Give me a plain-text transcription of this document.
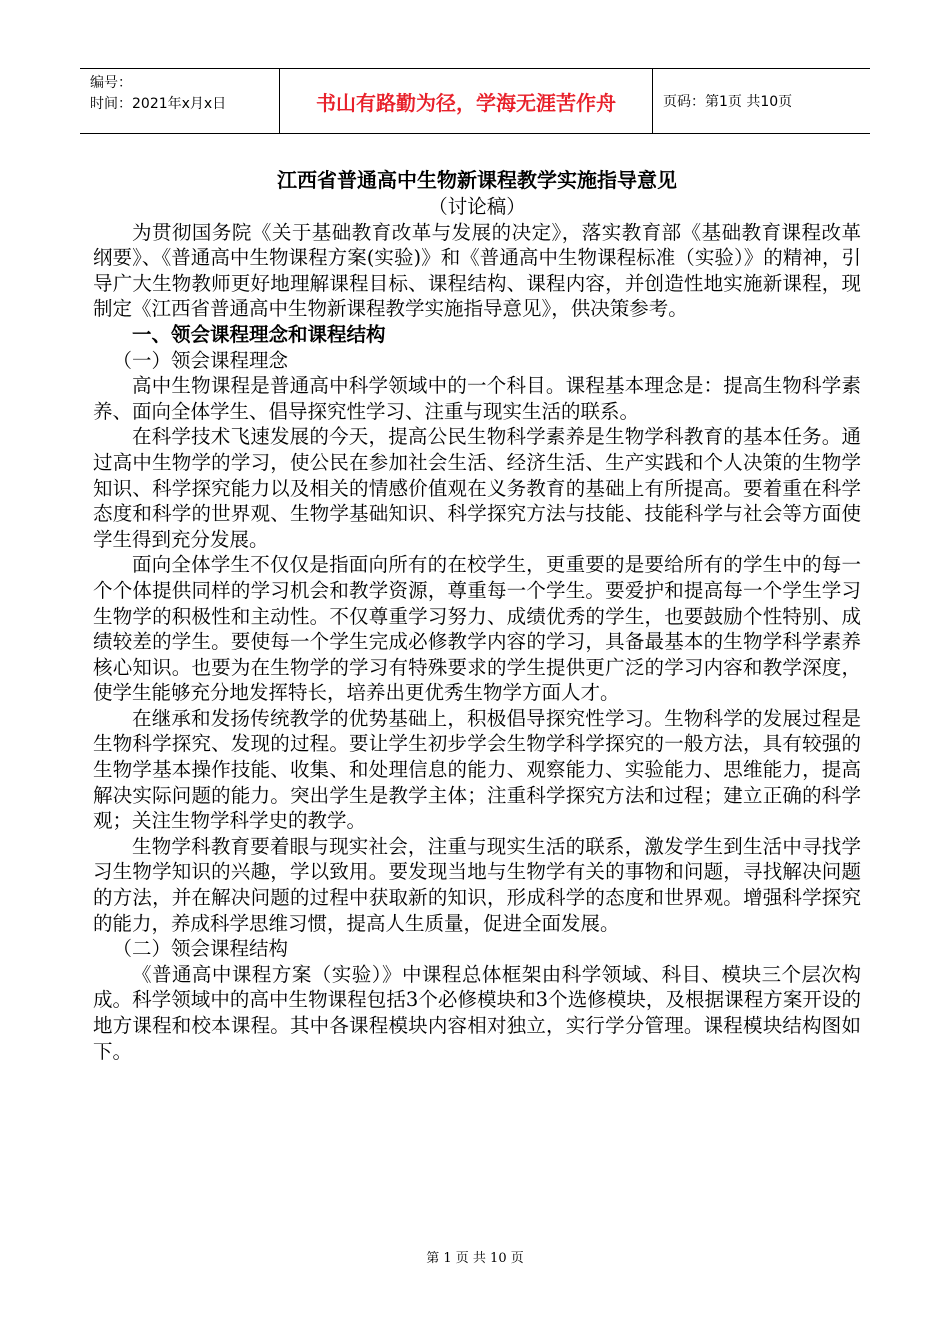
编号：
时间：2021年x月x日	书山有路勤为径，学海无涯苦作舟	页码：第1页 共10页

江西省普通高中生物新课程教学实施指导意见

（讨论稿）

为贯彻国务院《关于基础教育改革与发展的决定》，落实教育部《基础教育课程改革纲要》、《普通高中生物课程方案(实验)》和《普通高中生物课程标准（实验）》的精神，引导广大生物教师更好地理解课程目标、课程结构、课程内容，并创造性地实施新课程，现制定《江西省普通高中生物新课程教学实施指导意见》，供决策参考。

一、领会课程理念和课程结构

（一）领会课程理念

高中生物课程是普通高中科学领域中的一个科目。课程基本理念是：提高生物科学素养、面向全体学生、倡导探究性学习、注重与现实生活的联系。

在科学技术飞速发展的今天，提高公民生物科学素养是生物学科教育的基本任务。通过高中生物学的学习，使公民在参加社会生活、经济生活、生产实践和个人决策的生物学知识、科学探究能力以及相关的情感价值观在义务教育的基础上有所提高。要着重在科学态度和科学的世界观、生物学基础知识、科学探究方法与技能、技能科学与社会等方面使学生得到充分发展。

面向全体学生不仅仅是指面向所有的在校学生，更重要的是要给所有的学生中的每一个个体提供同样的学习机会和教学资源，尊重每一个学生。要爱护和提高每一个学生学习生物学的积极性和主动性。不仅尊重学习努力、成绩优秀的学生，也要鼓励个性特别、成绩较差的学生。要使每一个学生完成必修教学内容的学习，具备最基本的生物学科学素养核心知识。也要为在生物学的学习有特殊要求的学生提供更广泛的学习内容和教学深度，使学生能够充分地发挥特长，培养出更优秀生物学方面人才。

在继承和发扬传统教学的优势基础上，积极倡导探究性学习。生物科学的发展过程是生物科学探究、发现的过程。要让学生初步学会生物学科学探究的一般方法，具有较强的生物学基本操作技能、收集、和处理信息的能力、观察能力、实验能力、思维能力，提高解决实际问题的能力。突出学生是教学主体；注重科学探究方法和过程；建立正确的科学观；关注生物学科学史的教学。

生物学科教育要着眼与现实社会，注重与现实生活的联系，激发学生到生活中寻找学习生物学知识的兴趣，学以致用。要发现当地与生物学有关的事物和问题，寻找解决问题的方法，并在解决问题的过程中获取新的知识，形成科学的态度和世界观。增强科学探究的能力，养成科学思维习惯，提高人生质量，促进全面发展。

（二）领会课程结构

《普通高中课程方案（实验）》中课程总体框架由科学领域、科目、模块三个层次构成。科学领域中的高中生物课程包括3个必修模块和3个选修模块，及根据课程方案开设的地方课程和校本课程。其中各课程模块内容相对独立，实行学分管理。课程模块结构图如下。

第 1 页 共 10 页
